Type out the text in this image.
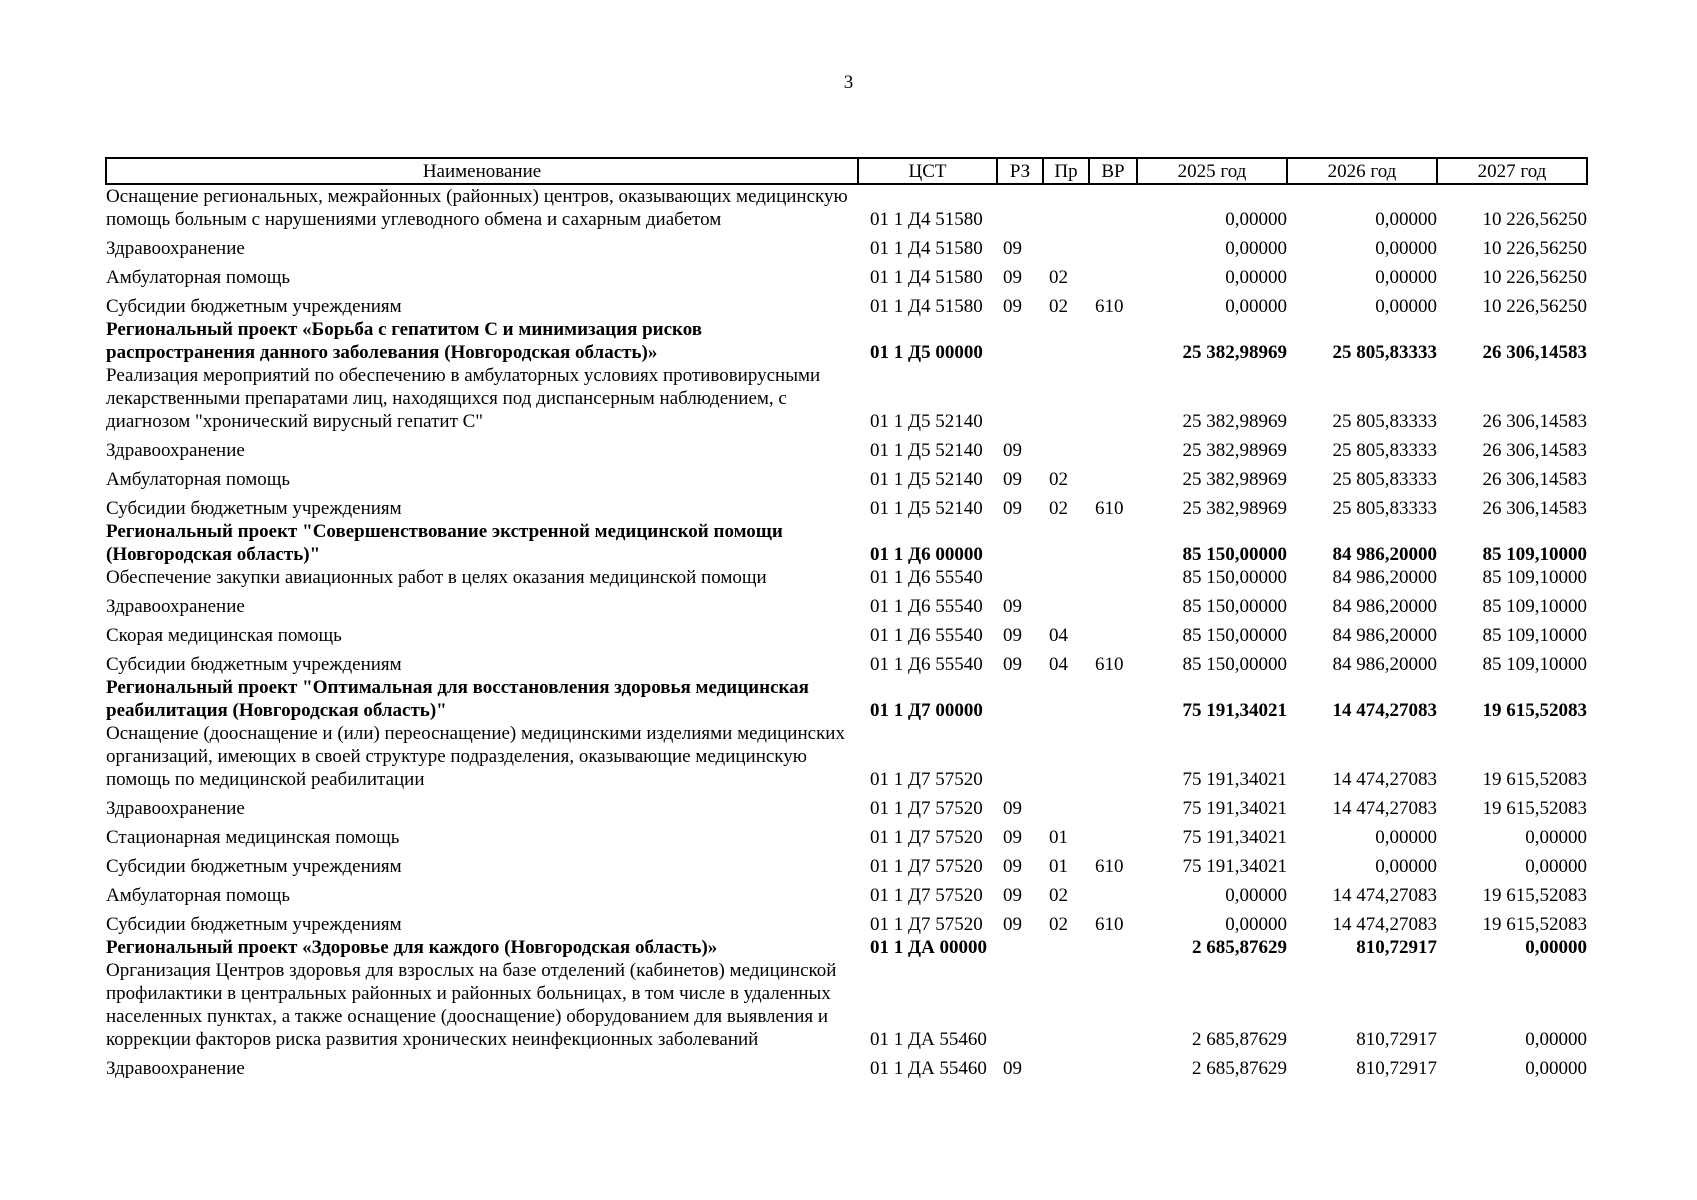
3
Наименование	ЦСТ	РЗ	Пр	ВР	2025 год	2026 год	2027 год
Оснащение региональных, межрайонных (районных) центров, оказывающих медицинскую помощь больным с нарушениями углеводного обмена и сахарным диабетом	01 1 Д4 51580				0,00000	0,00000	10 226,56250
Здравоохранение	01 1 Д4 51580	09			0,00000	0,00000	10 226,56250
Амбулаторная помощь	01 1 Д4 51580	09	02		0,00000	0,00000	10 226,56250
Субсидии бюджетным учреждениям	01 1 Д4 51580	09	02	610	0,00000	0,00000	10 226,56250
Региональный проект «Борьба с гепатитом С и минимизация рисков распространения данного заболевания (Новгородская область)»	01 1 Д5 00000				25 382,98969	25 805,83333	26 306,14583
Реализация мероприятий по обеспечению в амбулаторных условиях противовирусными лекарственными препаратами лиц, находящихся под диспансерным наблюдением, с диагнозом "хронический вирусный гепатит С"	01 1 Д5 52140				25 382,98969	25 805,83333	26 306,14583
Здравоохранение	01 1 Д5 52140	09			25 382,98969	25 805,83333	26 306,14583
Амбулаторная помощь	01 1 Д5 52140	09	02		25 382,98969	25 805,83333	26 306,14583
Субсидии бюджетным учреждениям	01 1 Д5 52140	09	02	610	25 382,98969	25 805,83333	26 306,14583
Региональный проект "Совершенствование экстренной медицинской помощи (Новгородская область)"	01 1 Д6 00000				85 150,00000	84 986,20000	85 109,10000
Обеспечение закупки авиационных работ в целях оказания медицинской помощи	01 1 Д6 55540				85 150,00000	84 986,20000	85 109,10000
Здравоохранение	01 1 Д6 55540	09			85 150,00000	84 986,20000	85 109,10000
Скорая медицинская помощь	01 1 Д6 55540	09	04		85 150,00000	84 986,20000	85 109,10000
Субсидии бюджетным учреждениям	01 1 Д6 55540	09	04	610	85 150,00000	84 986,20000	85 109,10000
Региональный проект "Оптимальная для восстановления здоровья медицинская реабилитация (Новгородская область)"	01 1 Д7 00000				75 191,34021	14 474,27083	19 615,52083
Оснащение (дооснащение и (или) переоснащение) медицинскими изделиями медицинских организаций, имеющих в своей структуре подразделения, оказывающие медицинскую помощь по медицинской реабилитации	01 1 Д7 57520				75 191,34021	14 474,27083	19 615,52083
Здравоохранение	01 1 Д7 57520	09			75 191,34021	14 474,27083	19 615,52083
Стационарная медицинская помощь	01 1 Д7 57520	09	01		75 191,34021	0,00000	0,00000
Субсидии бюджетным учреждениям	01 1 Д7 57520	09	01	610	75 191,34021	0,00000	0,00000
Амбулаторная помощь	01 1 Д7 57520	09	02		0,00000	14 474,27083	19 615,52083
Субсидии бюджетным учреждениям	01 1 Д7 57520	09	02	610	0,00000	14 474,27083	19 615,52083
Региональный проект «Здоровье для каждого (Новгородская область)»	01 1 ДА 00000				2 685,87629	810,72917	0,00000
Организация Центров здоровья для взрослых на базе отделений (кабинетов) медицинской профилактики в центральных районных и районных больницах, в том числе в удаленных населенных пунктах, а также оснащение (дооснащение) оборудованием для выявления и коррекции факторов риска развития хронических неинфекционных заболеваний	01 1 ДА 55460				2 685,87629	810,72917	0,00000
Здравоохранение	01 1 ДА 55460	09			2 685,87629	810,72917	0,00000
